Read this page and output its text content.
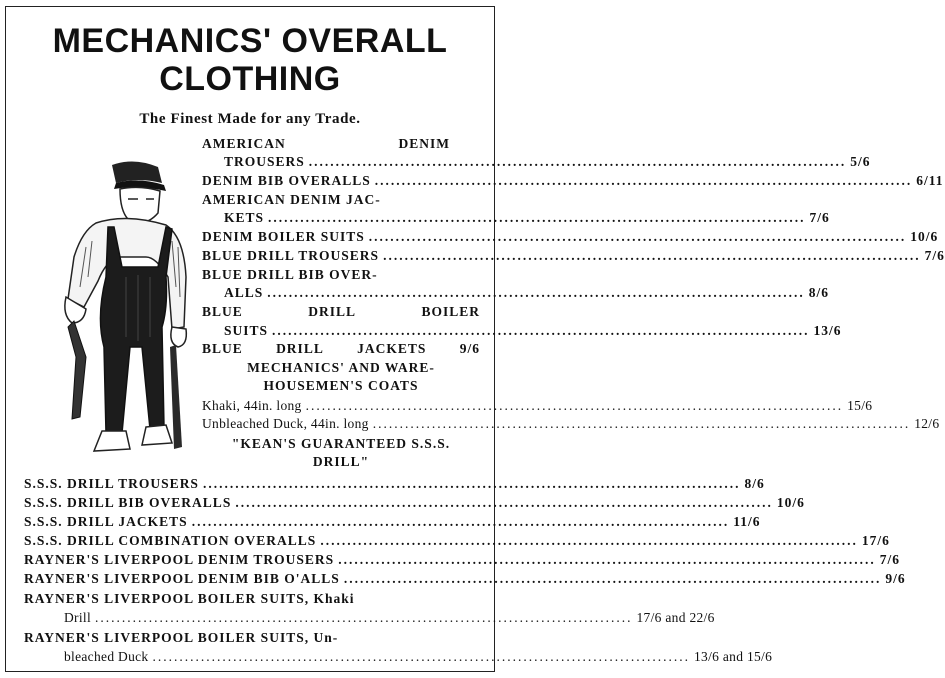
MECHANICS' OVERALL
CLOTHING
The Finest Made for any Trade.
AMERICAN	DENIM
TROUSERS .................................................................................................... 5/6
DENIM BIB OVERALLS .................................................................................................... 6/11
AMERICAN DENIM JAC-
KETS .................................................................................................... 7/6
DENIM BOILER SUITS .................................................................................................... 10/6
BLUE DRILL TROUSERS .................................................................................................... 7/6
BLUE DRILL BIB OVER-
ALLS .................................................................................................... 8/6
BLUE	DRILL	BOILER
SUITS .................................................................................................... 13/6
BLUE DRILL JACKETS 9/6
MECHANICS' AND WARE-
HOUSEMEN'S COATS
Khaki, 44in. long .................................................................................................... 15/6
Unbleached Duck, 44in. long .................................................................................................... 12/6
"KEAN'S GUARANTEED S.S.S.
DRILL"
S.S.S. DRILL TROUSERS .................................................................................................... 8/6
S.S.S. DRILL BIB OVERALLS .................................................................................................... 10/6
S.S.S. DRILL JACKETS .................................................................................................... 11/6
S.S.S. DRILL COMBINATION OVERALLS .................................................................................................... 17/6
RAYNER'S LIVERPOOL DENIM TROUSERS .................................................................................................... 7/6
RAYNER'S LIVERPOOL DENIM BIB O'ALLS .................................................................................................... 9/6
RAYNER'S LIVERPOOL BOILER SUITS, Khaki
Drill .................................................................................................... 17/6 and 22/6
RAYNER'S LIVERPOOL BOILER SUITS, Un-
bleached Duck .................................................................................................... 13/6 and 15/6
